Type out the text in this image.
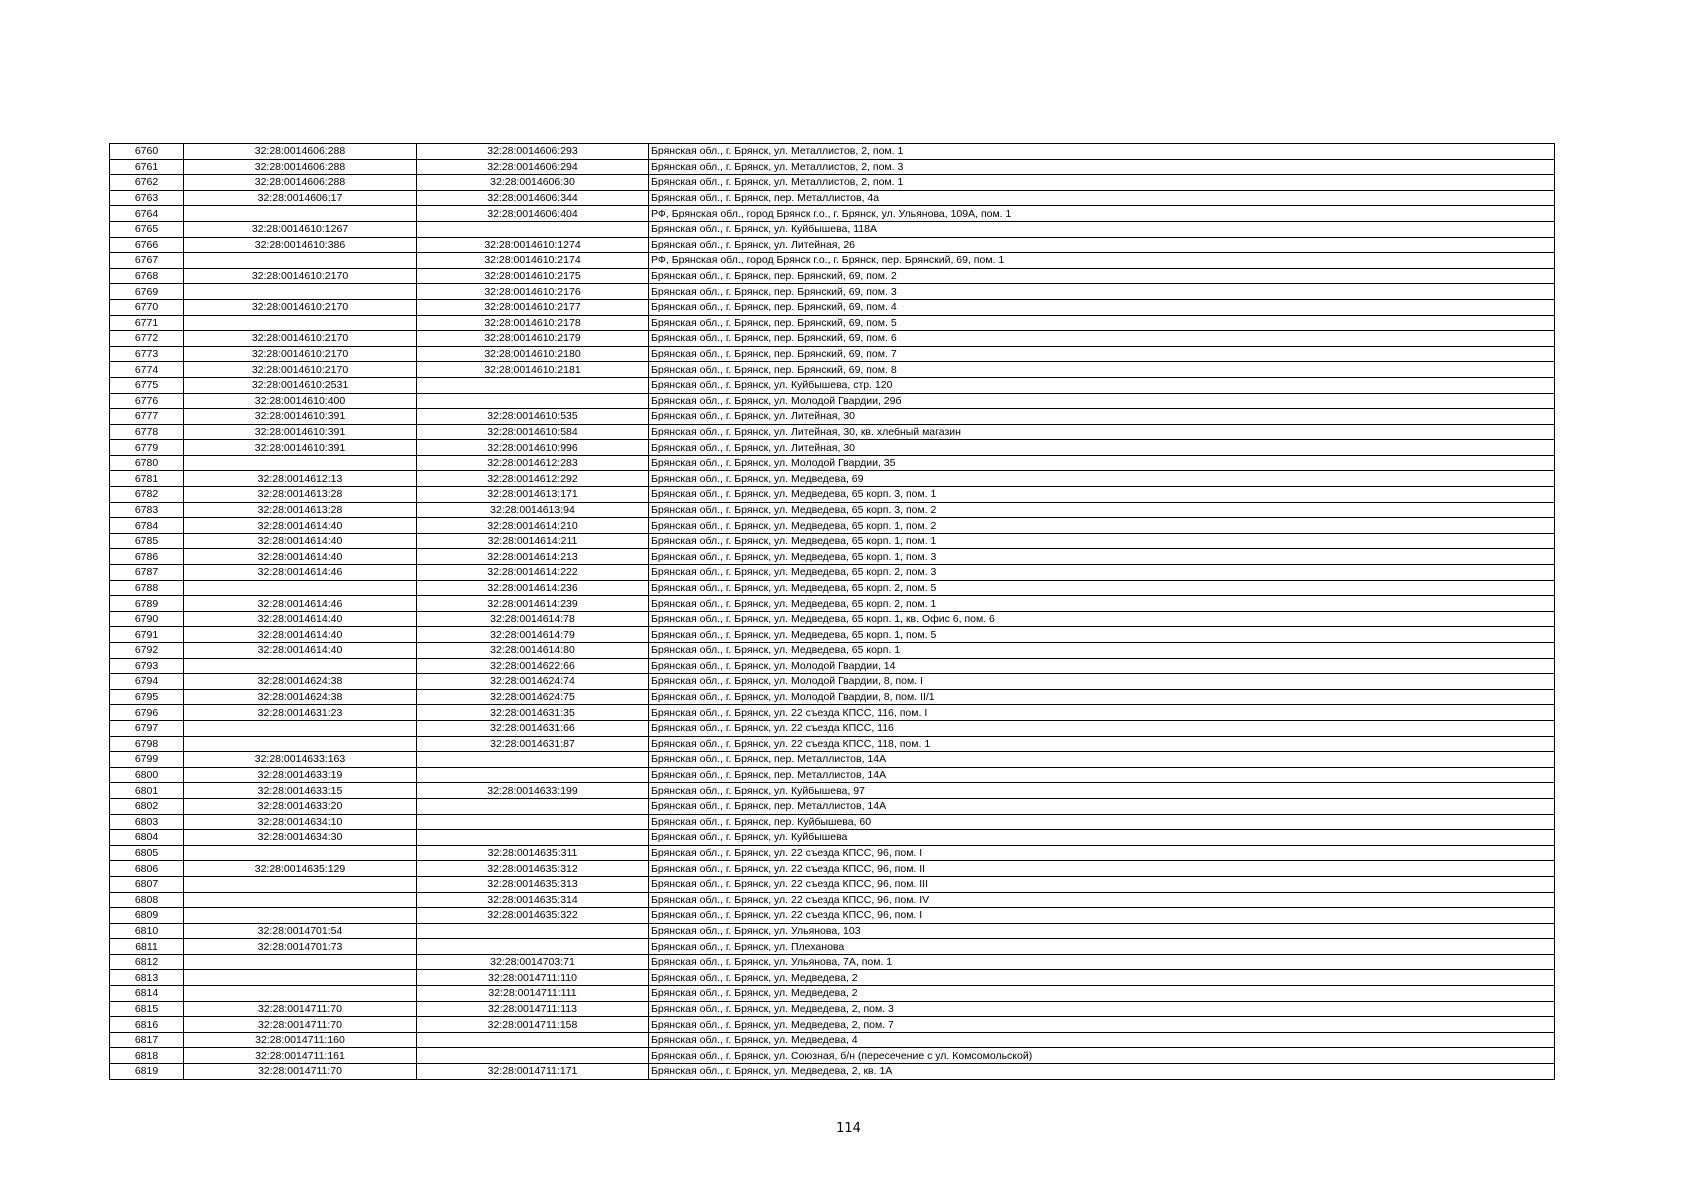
6760	32:28:0014606:288	32:28:0014606:293	Брянская обл., г. Брянск, ул. Металлистов, 2, пом. 1
6761	32:28:0014606:288	32:28:0014606:294	Брянская обл., г. Брянск, ул. Металлистов, 2, пом. 3
6762	32:28:0014606:288	32:28:0014606:30	Брянская обл., г. Брянск, ул. Металлистов, 2, пом. 1
6763	32:28:0014606:17	32:28:0014606:344	Брянская обл., г. Брянск, пер. Металлистов, 4а
6764		32:28:0014606:404	РФ, Брянская обл., город Брянск г.о., г. Брянск, ул. Ульянова, 109А, пом. 1
6765	32:28:0014610:1267		Брянская обл., г. Брянск, ул. Куйбышева, 118А
6766	32:28:0014610:386	32:28:0014610:1274	Брянская обл., г. Брянск, ул. Литейная, 26
6767		32:28:0014610:2174	РФ, Брянская обл., город Брянск г.о., г. Брянск, пер. Брянский, 69, пом. 1
6768	32:28:0014610:2170	32:28:0014610:2175	Брянская обл., г. Брянск, пер. Брянский, 69, пом. 2
6769		32:28:0014610:2176	Брянская обл., г. Брянск, пер. Брянский, 69, пом. 3
6770	32:28:0014610:2170	32:28:0014610:2177	Брянская обл., г. Брянск, пер. Брянский, 69, пом. 4
6771		32:28:0014610:2178	Брянская обл., г. Брянск, пер. Брянский, 69, пом. 5
6772	32:28:0014610:2170	32:28:0014610:2179	Брянская обл., г. Брянск, пер. Брянский, 69, пом. 6
6773	32:28:0014610:2170	32:28:0014610:2180	Брянская обл., г. Брянск, пер. Брянский, 69, пом. 7
6774	32:28:0014610:2170	32:28:0014610:2181	Брянская обл., г. Брянск, пер. Брянский, 69, пом. 8
6775	32:28:0014610:2531		Брянская обл., г. Брянск, ул. Куйбышева, стр. 120
6776	32:28:0014610:400		Брянская обл., г. Брянск, ул. Молодой Гвардии, 29б
6777	32:28:0014610:391	32:28:0014610:535	Брянская обл., г. Брянск, ул. Литейная, 30
6778	32:28:0014610:391	32:28:0014610:584	Брянская обл., г. Брянск, ул. Литейная, 30, кв. хлебный магазин
6779	32:28:0014610:391	32:28:0014610:996	Брянская обл., г. Брянск, ул. Литейная, 30
6780		32:28:0014612:283	Брянская обл., г. Брянск, ул. Молодой Гвардии, 35
6781	32:28:0014612:13	32:28:0014612:292	Брянская обл., г. Брянск, ул. Медведева, 69
6782	32:28:0014613:28	32:28:0014613:171	Брянская обл., г. Брянск, ул. Медведева, 65 корп. 3, пом. 1
6783	32:28:0014613:28	32:28:0014613:94	Брянская обл., г. Брянск, ул. Медведева, 65 корп. 3, пом. 2
6784	32:28:0014614:40	32:28:0014614:210	Брянская обл., г. Брянск, ул. Медведева, 65 корп. 1, пом. 2
6785	32:28:0014614:40	32:28:0014614:211	Брянская обл., г. Брянск, ул. Медведева, 65 корп. 1, пом. 1
6786	32:28:0014614:40	32:28:0014614:213	Брянская обл., г. Брянск, ул. Медведева, 65 корп. 1, пом. 3
6787	32:28:0014614:46	32:28:0014614:222	Брянская обл., г. Брянск, ул. Медведева, 65 корп. 2, пом. 3
6788		32:28:0014614:236	Брянская обл., г. Брянск, ул. Медведева, 65 корп. 2, пом. 5
6789	32:28:0014614:46	32:28:0014614:239	Брянская обл., г. Брянск, ул. Медведева, 65 корп. 2, пом. 1
6790	32:28:0014614:40	32:28:0014614:78	Брянская обл., г. Брянск, ул. Медведева, 65 корп. 1, кв. Офис 6, пом. 6
6791	32:28:0014614:40	32:28:0014614:79	Брянская обл., г. Брянск, ул. Медведева, 65 корп. 1, пом. 5
6792	32:28:0014614:40	32:28:0014614:80	Брянская обл., г. Брянск, ул. Медведева, 65 корп. 1
6793		32:28:0014622:66	Брянская обл., г. Брянск, ул. Молодой Гвардии, 14
6794	32:28:0014624:38	32:28:0014624:74	Брянская обл., г. Брянск, ул. Молодой Гвардии, 8, пом. I
6795	32:28:0014624:38	32:28:0014624:75	Брянская обл., г. Брянск, ул. Молодой Гвардии, 8, пом. II/1
6796	32:28:0014631:23	32:28:0014631:35	Брянская обл., г. Брянск, ул. 22 съезда КПСС, 116, пом. I
6797		32:28:0014631:66	Брянская обл., г. Брянск, ул. 22 съезда КПСС, 116
6798		32:28:0014631:87	Брянская обл., г. Брянск, ул. 22 съезда КПСС, 118, пом. 1
6799	32:28:0014633:163		Брянская обл., г. Брянск, пер. Металлистов, 14А
6800	32:28:0014633:19		Брянская обл., г. Брянск, пер. Металлистов, 14А
6801	32:28:0014633:15	32:28:0014633:199	Брянская обл., г. Брянск, ул. Куйбышева, 97
6802	32:28:0014633:20		Брянская обл., г. Брянск, пер. Металлистов, 14А
6803	32:28:0014634:10		Брянская обл., г. Брянск, пер. Куйбышева, 60
6804	32:28:0014634:30		Брянская обл., г. Брянск, ул. Куйбышева
6805		32:28:0014635:311	Брянская обл., г. Брянск, ул. 22 съезда КПСС, 96, пом. I
6806	32:28:0014635:129	32:28:0014635:312	Брянская обл., г. Брянск, ул. 22 съезда КПСС, 96, пом. II
6807		32:28:0014635:313	Брянская обл., г. Брянск, ул. 22 съезда КПСС, 96, пом. III
6808		32:28:0014635:314	Брянская обл., г. Брянск, ул. 22 съезда КПСС, 96, пом. IV
6809		32:28:0014635:322	Брянская обл., г. Брянск, ул. 22 съезда КПСС, 96, пом. I
6810	32:28:0014701:54		Брянская обл., г. Брянск, ул. Ульянова, 103
6811	32:28:0014701:73		Брянская обл., г. Брянск, ул. Плеханова
6812		32:28:0014703:71	Брянская обл., г. Брянск, ул. Ульянова, 7А, пом. 1
6813		32:28:0014711:110	Брянская обл., г. Брянск, ул. Медведева, 2
6814		32:28:0014711:111	Брянская обл., г. Брянск, ул. Медведева, 2
6815	32:28:0014711:70	32:28:0014711:113	Брянская обл., г. Брянск, ул. Медведева, 2, пом. 3
6816	32:28:0014711:70	32:28:0014711:158	Брянская обл., г. Брянск, ул. Медведева, 2, пом. 7
6817	32:28:0014711:160		Брянская обл., г. Брянск, ул. Медведева, 4
6818	32:28:0014711:161		Брянская обл., г. Брянск, ул. Союзная, б/н (пересечение с ул. Комсомольской)
6819	32:28:0014711:70	32:28:0014711:171	Брянская обл., г. Брянск, ул. Медведева, 2, кв. 1А
114
